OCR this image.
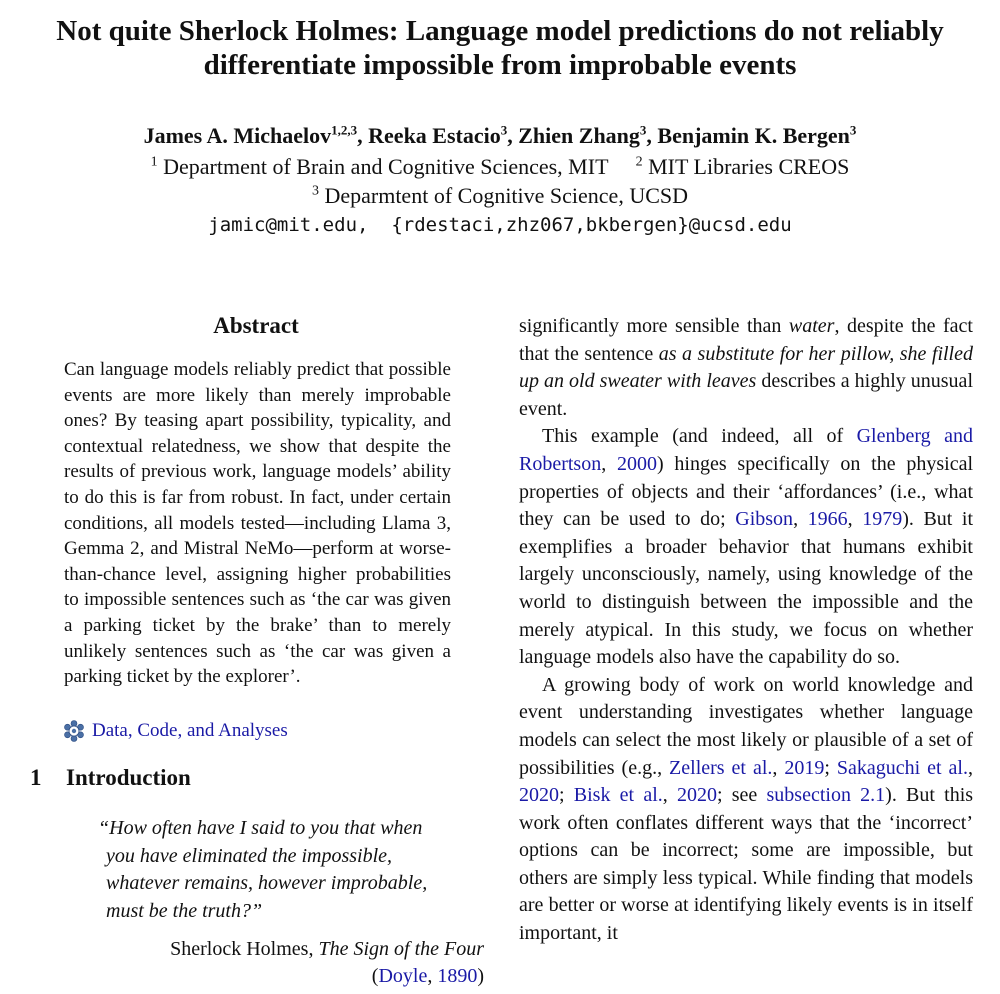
Not quite Sherlock Holmes: Language model predictions do not reliably
differentiate impossible from improbable events
James A. Michaelov$^{1,2,3}$, Reeka Estacio$^3$, Zhien Zhang$^3$, Benjamin K. Bergen$^3$
$^1$ Department of Brain and Cognitive Sciences, MIT $^2$ MIT Libraries CREOS
$^3$ Deparmtent of Cognitive Science, UCSD
jamic@mit.edu,  {rdestaci,zhz067,bkbergen}@ucsd.edu
Abstract
Can language models reliably predict that possible events are more likely than merely improbable ones? By teasing apart possibility, typicality, and contextual relatedness, we show that despite the results of previous work, language models’ ability to do this is far from robust. In fact, under certain conditions, all models tested—including Llama 3, Gemma 2, and Mistral NeMo—perform at worse-than-chance level, assigning higher probabilities to impossible sentences such as ‘the car was given a parking ticket by the brake’ than to merely unlikely sentences such as ‘the car was given a parking ticket by the explorer’.
Data, Code, and Analyses
1 Introduction
“How often have I said to you that when
you have eliminated the impossible,
whatever remains, however improbable,
must be the truth?”
Sherlock Holmes, The Sign of the Four
(Doyle, 1890)

significantly more sensible than water, despite the fact that the sentence as a substitute for her pillow, she filled up an old sweater with leaves describes a highly unusual event.

This example (and indeed, all of Glenberg and Robertson, 2000) hinges specifically on the physical properties of objects and their ‘affordances’ (i.e., what they can be used to do; Gibson, 1966, 1979). But it exemplifies a broader behavior that humans exhibit largely unconsciously, namely, using knowledge of the world to distinguish between the impossible and the merely atypical. In this study, we focus on whether language models also have the capability do so.

A growing body of work on world knowledge and event understanding investigates whether language models can select the most likely or plausible of a set of possibilities (e.g., Zellers et al., 2019; Sakaguchi et al., 2020; Bisk et al., 2020; see subsection 2.1). But this work often conflates different ways that the ‘incorrect’ options can be incorrect; some are impossible, but others are simply less typical. While finding that models are better or worse at identifying likely events is in itself important, it
